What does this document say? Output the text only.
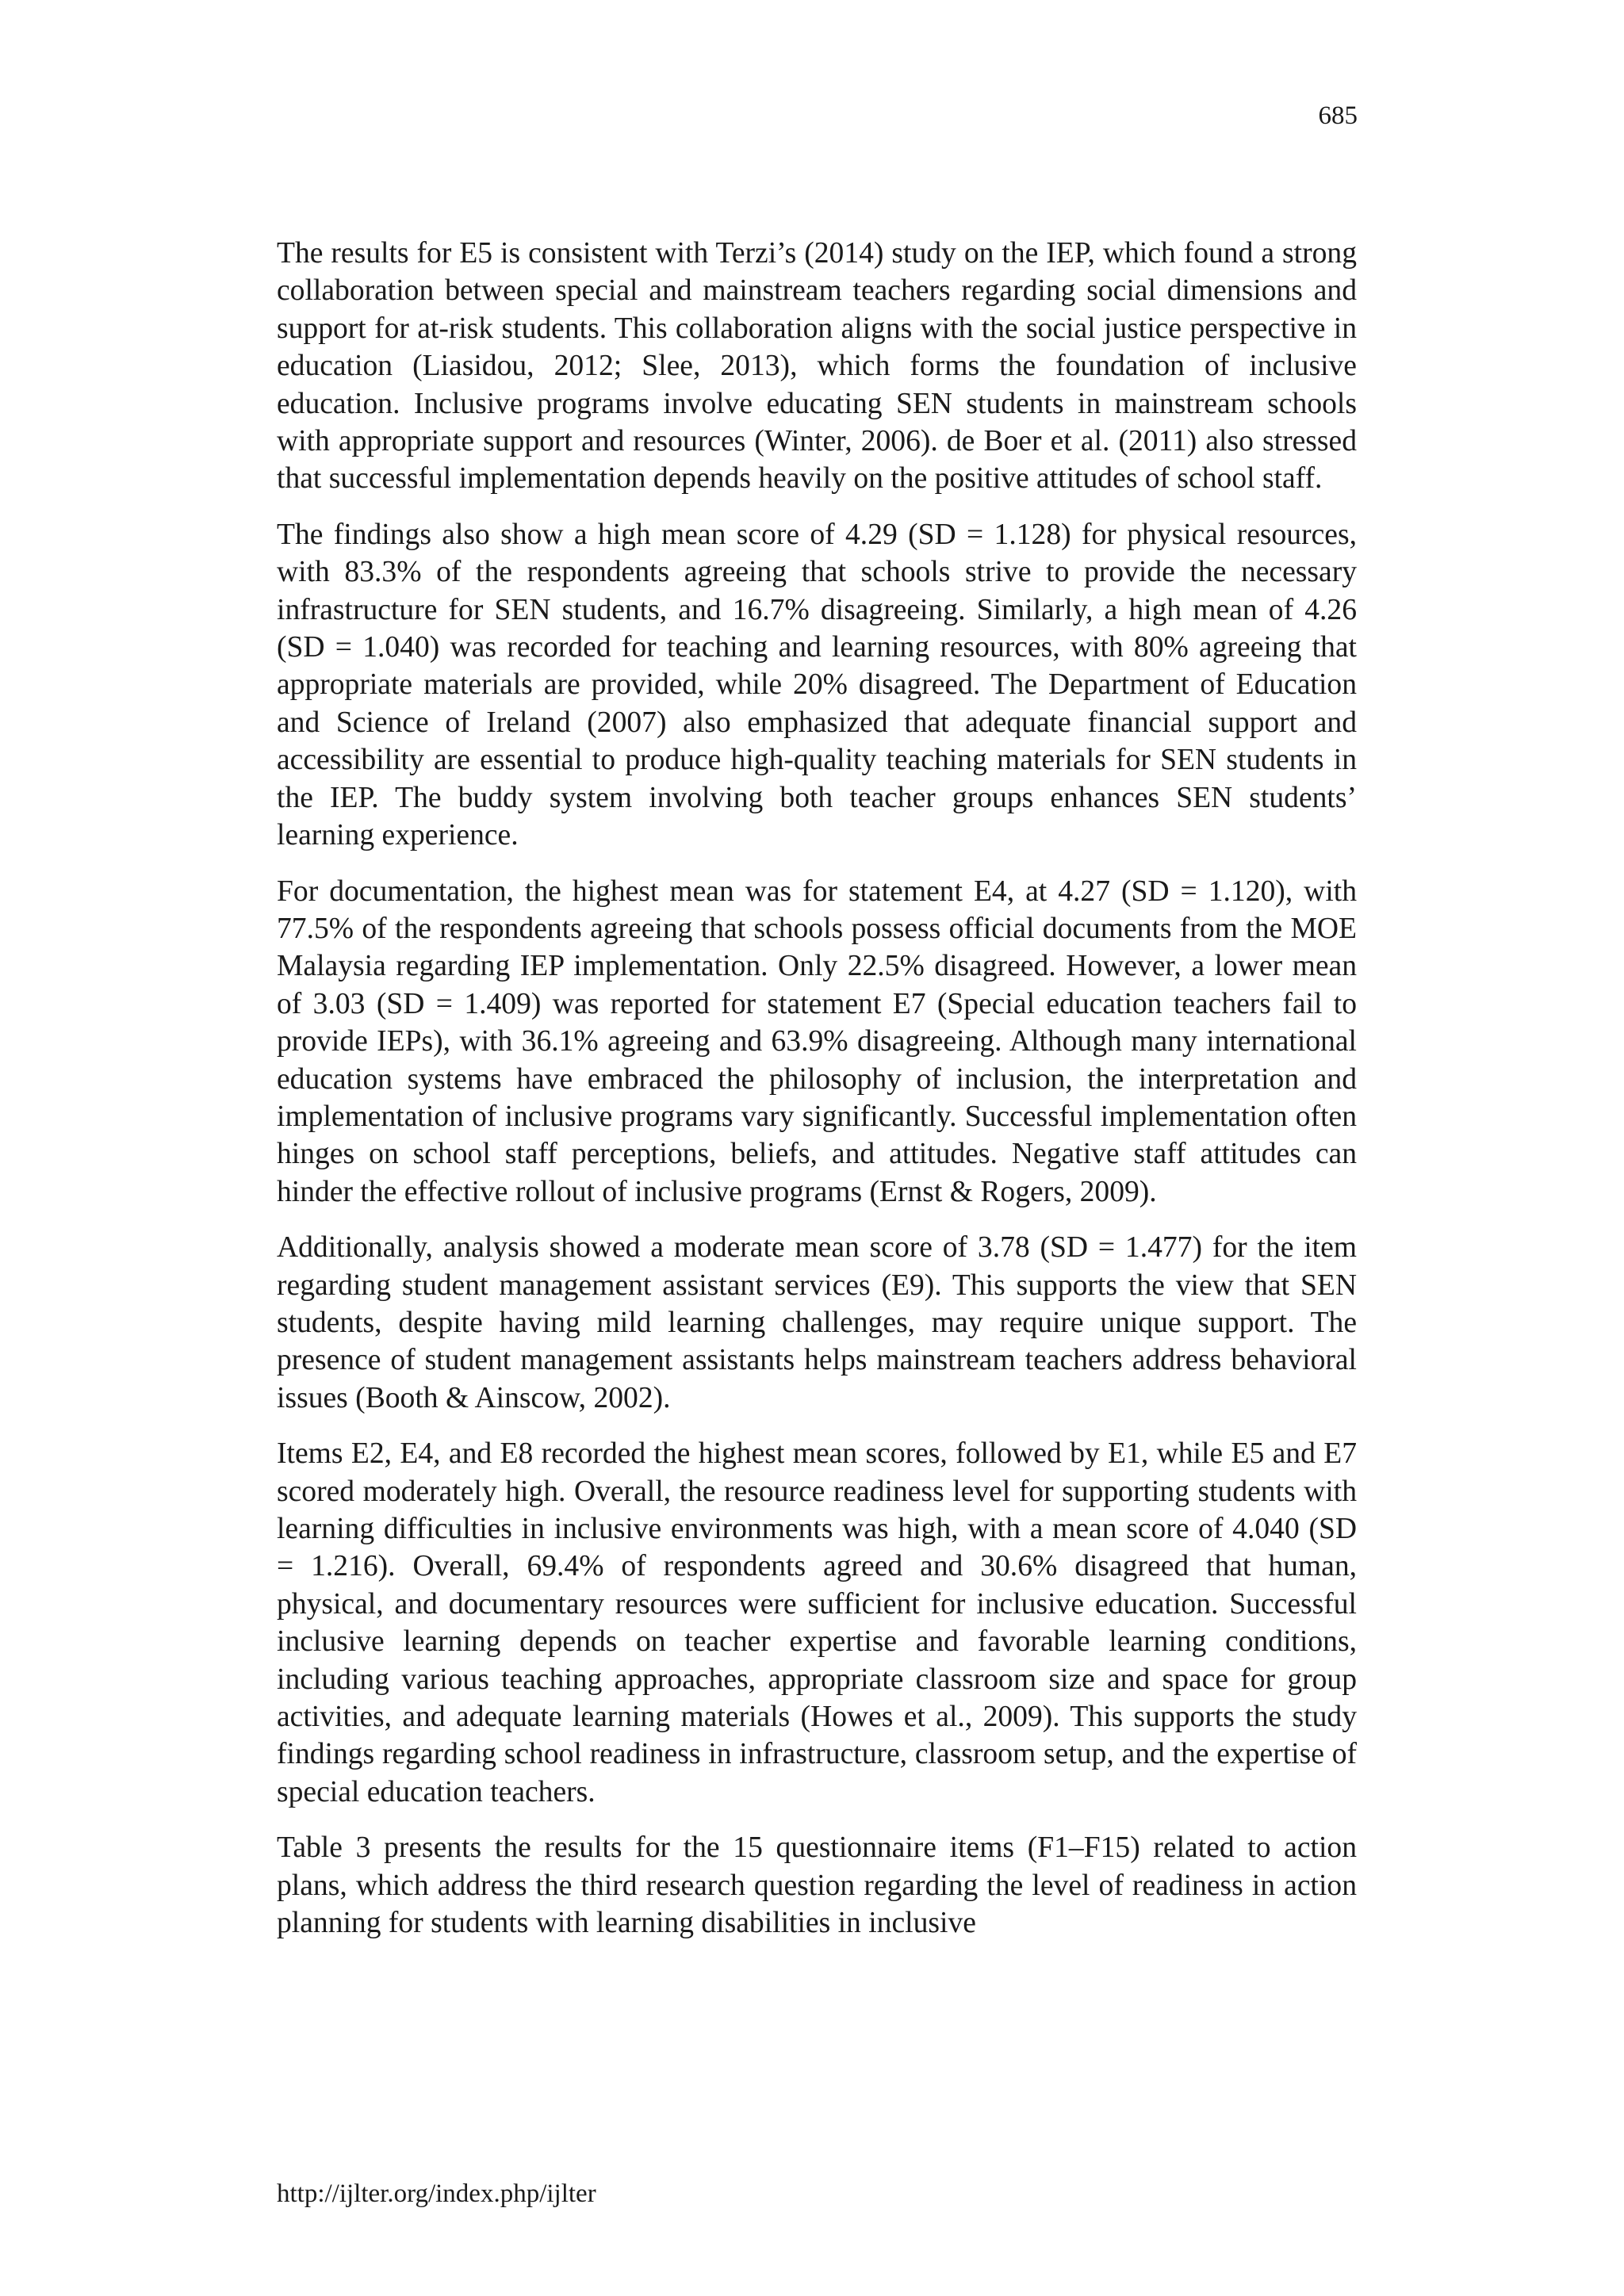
685

The results for E5 is consistent with Terzi’s (2014) study on the IEP, which found a strong collaboration between special and mainstream teachers regarding social dimensions and support for at-risk students. This collaboration aligns with the social justice perspective in education (Liasidou, 2012; Slee, 2013), which forms the foundation of inclusive education. Inclusive programs involve educating SEN students in mainstream schools with appropriate support and resources (Winter, 2006). de Boer et al. (2011) also stressed that successful implementation depends heavily on the positive attitudes of school staff.

The findings also show a high mean score of 4.29 (SD = 1.128) for physical resources, with 83.3% of the respondents agreeing that schools strive to provide the necessary infrastructure for SEN students, and 16.7% disagreeing. Similarly, a high mean of 4.26 (SD = 1.040) was recorded for teaching and learning resources, with 80% agreeing that appropriate materials are provided, while 20% disagreed. The Department of Education and Science of Ireland (2007) also emphasized that adequate financial support and accessibility are essential to produce high-quality teaching materials for SEN students in the IEP. The buddy system involving both teacher groups enhances SEN students’ learning experience.

For documentation, the highest mean was for statement E4, at 4.27 (SD = 1.120), with 77.5% of the respondents agreeing that schools possess official documents from the MOE Malaysia regarding IEP implementation. Only 22.5% disagreed. However, a lower mean of 3.03 (SD = 1.409) was reported for statement E7 (Special education teachers fail to provide IEPs), with 36.1% agreeing and 63.9% disagreeing. Although many international education systems have embraced the philosophy of inclusion, the interpretation and implementation of inclusive programs vary significantly. Successful implementation often hinges on school staff perceptions, beliefs, and attitudes. Negative staff attitudes can hinder the effective rollout of inclusive programs (Ernst & Rogers, 2009).

Additionally, analysis showed a moderate mean score of 3.78 (SD = 1.477) for the item regarding student management assistant services (E9). This supports the view that SEN students, despite having mild learning challenges, may require unique support. The presence of student management assistants helps mainstream teachers address behavioral issues (Booth & Ainscow, 2002).

Items E2, E4, and E8 recorded the highest mean scores, followed by E1, while E5 and E7 scored moderately high. Overall, the resource readiness level for supporting students with learning difficulties in inclusive environments was high, with a mean score of 4.040 (SD = 1.216). Overall, 69.4% of respondents agreed and 30.6% disagreed that human, physical, and documentary resources were sufficient for inclusive education. Successful inclusive learning depends on teacher expertise and favorable learning conditions, including various teaching approaches, appropriate classroom size and space for group activities, and adequate learning materials (Howes et al., 2009). This supports the study findings regarding school readiness in infrastructure, classroom setup, and the expertise of special education teachers.

Table 3 presents the results for the 15 questionnaire items (F1–F15) related to action plans, which address the third research question regarding the level of readiness in action planning for students with learning disabilities in inclusive

http://ijlter.org/index.php/ijlter
